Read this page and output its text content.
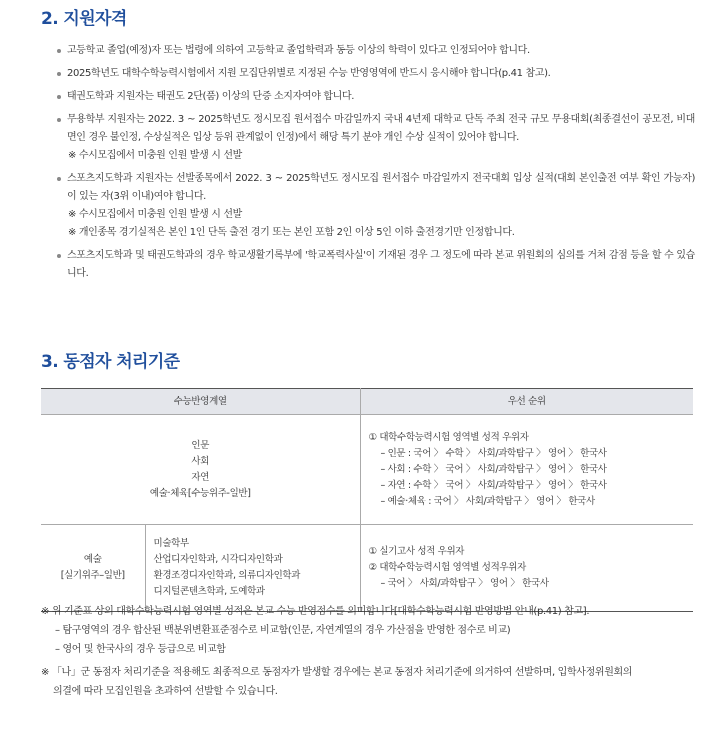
2. 지원자격
고등학교 졸업(예정)자 또는 법령에 의하여 고등학교 졸업학력과 동등 이상의 학력이 있다고 인정되어야 합니다.
2025학년도 대학수학능력시험에서 지원 모집단위별로 지정된 수능 반영영역에 반드시 응시해야 합니다(p.41 참고).
태권도학과 지원자는 태권도 2단(품) 이상의 단증 소지자여야 합니다.
무용학부 지원자는 2022. 3 ~ 2025학년도 정시모집 원서접수 마감일까지 국내 4년제 대학교 단독 주최 전국 규모 무용대회(최종결선이 공모전, 비대면인 경우 불인정, 수상실적은 입상 등위 관계없이 인정)에서 해당 특기 분야 개인 수상 실적이 있어야 합니다.
※ 수시모집에서 미충원 인원 발생 시 선발
스포츠지도학과 지원자는 선발종목에서 2022. 3 ~ 2025학년도 정시모집 원서접수 마감일까지 전국대회 입상 실적(대회 본인출전 여부 확인 가능자)이 있는 자(3위 이내)여야 합니다.
※ 수시모집에서 미충원 인원 발생 시 선발
※ 개인종목 경기실적은 본인 1인 단독 출전 경기 또는 본인 포함 2인 이상 5인 이하 출전경기만 인정합니다.
스포츠지도학과 및 태권도학과의 경우 학교생활기록부에 '학교폭력사실'이 기재된 경우 그 정도에 따라 본교 위원회의 심의를 거쳐 감점 등을 할 수 있습니다.
3. 동점자 처리기준
수능반영계열		우선 순위

인문
사회
자연
예술·체육[수능위주-일반]		① 대학수학능력시험 영역별 성적 우위자
– 인문 : 국어 〉 수학 〉 사회/과학탐구 〉 영어 〉 한국사
– 사회 : 수학 〉 국어 〉 사회/과학탐구 〉 영어 〉 한국사
– 자연 : 수학 〉 국어 〉 사회/과학탐구 〉 영어 〉 한국사
– 예술·체육 : 국어 〉 사회/과학탐구 〉 영어 〉 한국사

예술
[실기위주–일반]	미술학부
산업디자인학과, 시각디자인학과
환경조경디자인학과, 의류디자인학과
디지털콘텐츠학과, 도예학과	① 실기고사 성적 우위자
② 대학수학능력시험 영역별 성적우위자
– 국어 〉 사회/과학탐구 〉 영어 〉 한국사

※ 위 기준표 상의 대학수학능력시험 영역별 성적은 본교 수능 반영점수를 의미합니다[대학수학능력시험 반영방법 안내(p.41) 참고].

– 탐구영역의 경우 합산된 백분위변환표준점수로 비교함(인문, 자연계열의 경우 가산점을 반영한 점수로 비교)

– 영어 및 한국사의 경우 등급으로 비교함

※ 「나」군 동점자 처리기준을 적용해도 최종적으로 동점자가 발생할 경우에는 본교 동점자 처리기준에 의거하여 선발하며, 입학사정위원회의

의결에 따라 모집인원을 초과하여 선발할 수 있습니다.
